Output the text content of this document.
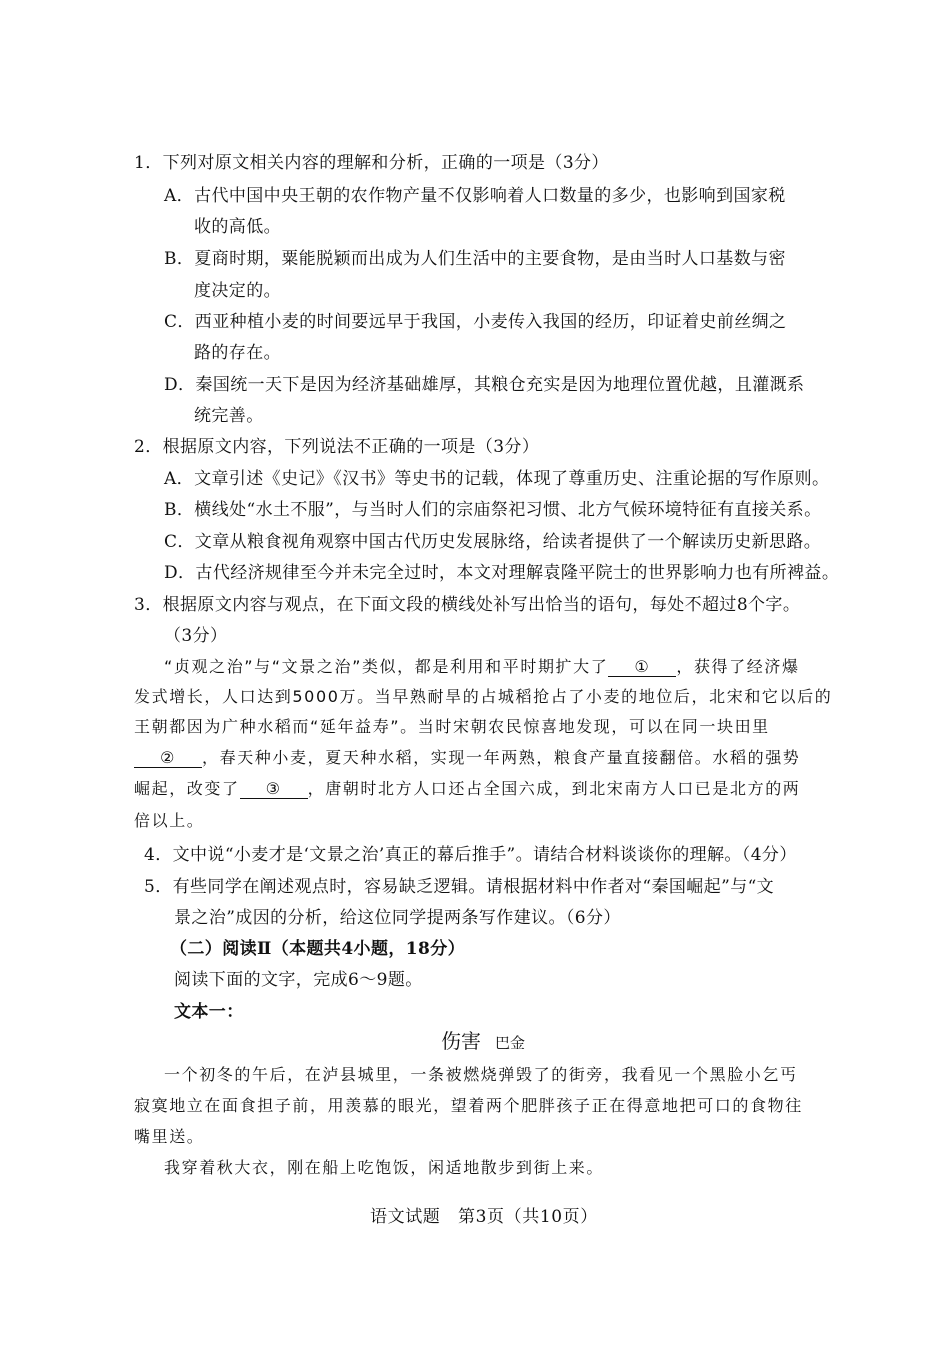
1．下列对原文相关内容的理解和分析，正确的一项是（3分）
A．古代中国中央王朝的农作物产量不仅影响着人口数量的多少，也影响到国家税
收的高低。
B．夏商时期，粟能脱颖而出成为人们生活中的主要食物，是由当时人口基数与密
度决定的。
C．西亚种植小麦的时间要远早于我国，小麦传入我国的经历，印证着史前丝绸之
路的存在。
D．秦国统一天下是因为经济基础雄厚，其粮仓充实是因为地理位置优越，且灌溉系
统完善。
2．根据原文内容，下列说法不正确的一项是（3分）
A．文章引述《史记》《汉书》等史书的记载，体现了尊重历史、注重论据的写作原则。
B．横线处“水土不服”，与当时人们的宗庙祭祀习惯、北方气候环境特征有直接关系。
C．文章从粮食视角观察中国古代历史发展脉络，给读者提供了一个解读历史新思路。
D．古代经济规律至今并未完全过时，本文对理解袁隆平院士的世界影响力也有所裨益。
3．根据原文内容与观点，在下面文段的横线处补写出恰当的语句，每处不超过8个字。
（3分）
“贞观之治”与“文景之治”类似，都是利用和平时期扩大了 ① ，获得了经济爆
发式增长，人口达到5000万。当早熟耐旱的占城稻抢占了小麦的地位后，北宋和它以后的
王朝都因为广种水稻而“延年益寿”。当时宋朝农民惊喜地发现，可以在同一块田里
② ，春天种小麦，夏天种水稻，实现一年两熟，粮食产量直接翻倍。水稻的强势
崛起，改变了 ③ ，唐朝时北方人口还占全国六成，到北宋南方人口已是北方的两
倍以上。
4．文中说“小麦才是‘文景之治’真正的幕后推手”。请结合材料谈谈你的理解。（4分）
5．有些同学在阐述观点时，容易缺乏逻辑。请根据材料中作者对“秦国崛起”与“文
景之治”成因的分析，给这位同学提两条写作建议。（6分）
（二）阅读Ⅱ（本题共4小题，18分）
阅读下面的文字，完成6～9题。
文本一：
伤害 巴金
一个初冬的午后，在泸县城里，一条被燃烧弹毁了的街旁，我看见一个黑脸小乞丐
寂寞地立在面食担子前，用羡慕的眼光，望着两个肥胖孩子正在得意地把可口的食物往
嘴里送。
我穿着秋大衣，刚在船上吃饱饭，闲适地散步到街上来。
语文试题　第3页（共10页）
